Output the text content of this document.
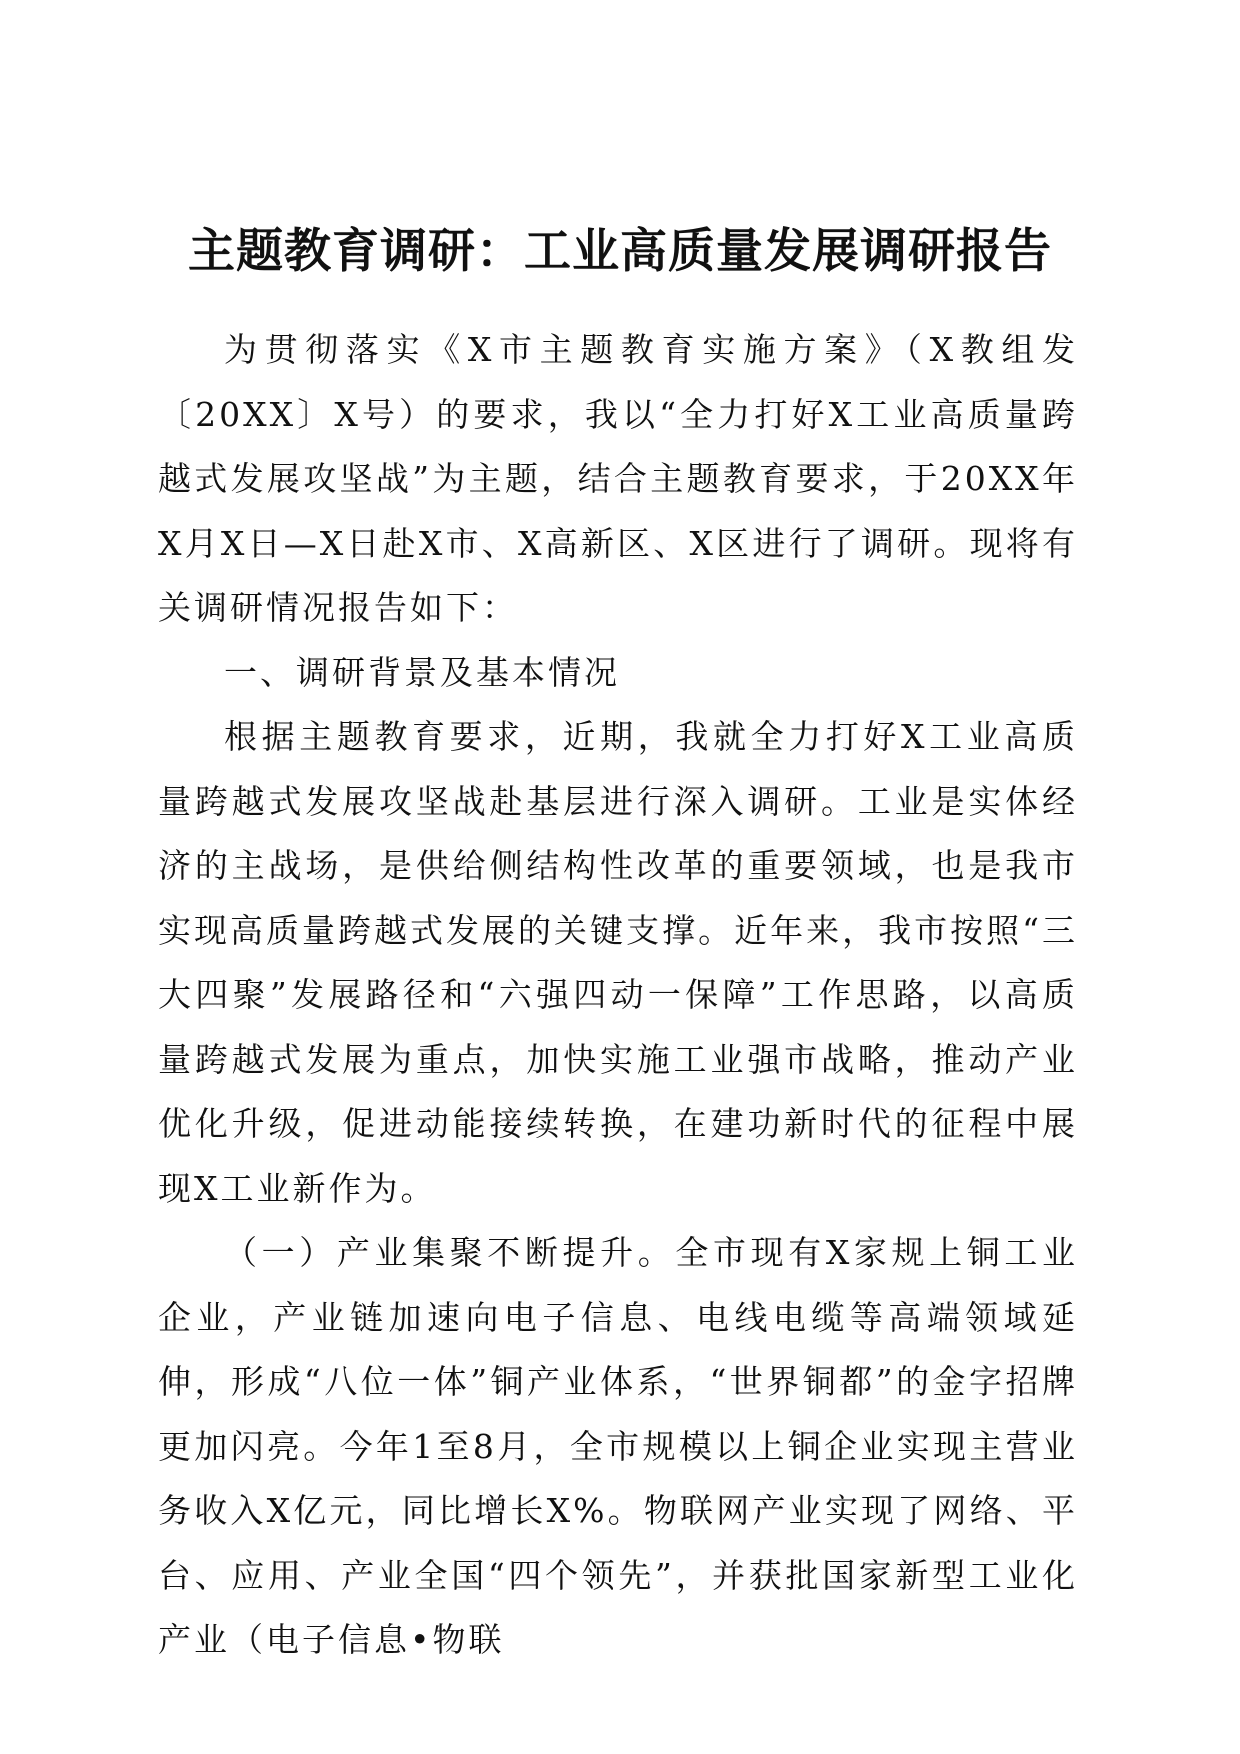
主题教育调研：工业高质量发展调研报告

为贯彻落实《X市主题教育实施方案》（X教组发〔20XX〕X号）的要求，我以“全力打好X工业高质量跨越式发展攻坚战”为主题，结合主题教育要求，于20XX年X月X日—X日赴X市、X高新区、X区进行了调研。现将有关调研情况报告如下：

一、调研背景及基本情况

根据主题教育要求，近期，我就全力打好X工业高质量跨越式发展攻坚战赴基层进行深入调研。工业是实体经济的主战场，是供给侧结构性改革的重要领域，也是我市实现高质量跨越式发展的关键支撑。近年来，我市按照“三大四聚”发展路径和“六强四动一保障”工作思路，以高质量跨越式发展为重点，加快实施工业强市战略，推动产业优化升级，促进动能接续转换，在建功新时代的征程中展现X工业新作为。

（一）产业集聚不断提升。全市现有X家规上铜工业企业，产业链加速向电子信息、电线电缆等高端领域延伸，形成“八位一体”铜产业体系，“世界铜都”的金字招牌更加闪亮。今年1至8月，全市规模以上铜企业实现主营业务收入X亿元，同比增长X%。物联网产业实现了网络、平台、应用、产业全国“四个领先”，并获批国家新型工业化产业（电子信息•物联
